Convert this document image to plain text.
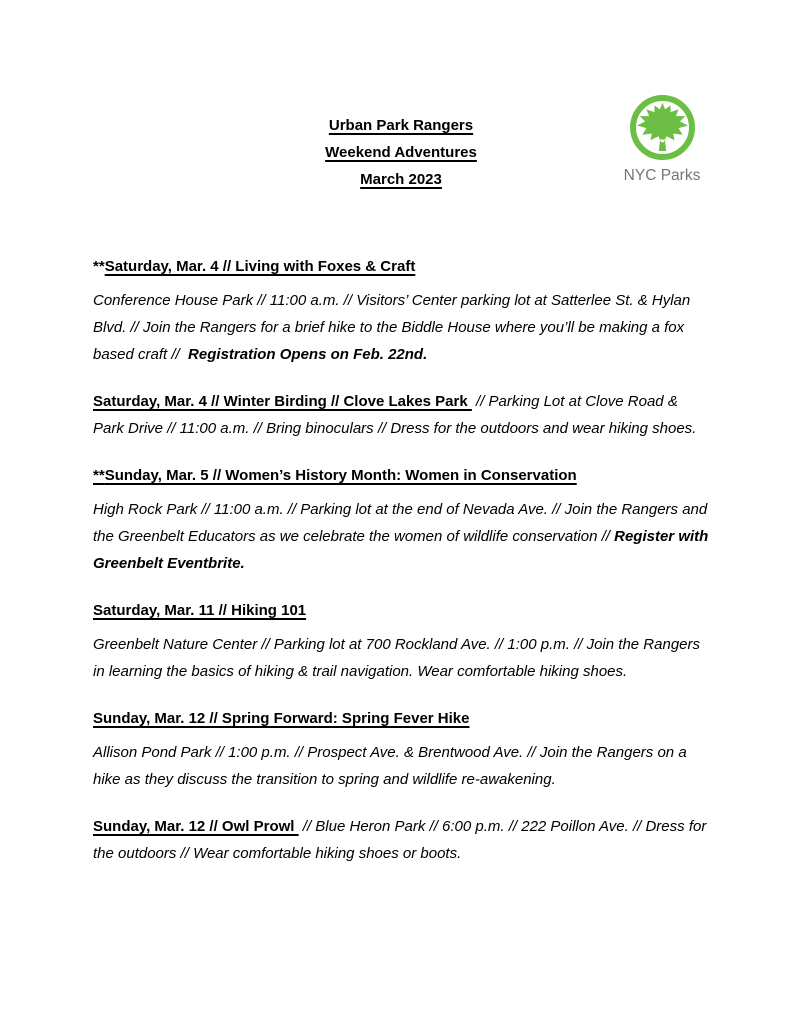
NYC Parks
Urban Park Rangers
Weekend Adventures
March 2023

**Saturday, Mar. 4 // Living with Foxes & Craft
Conference House Park // 11:00 a.m. // Visitors’ Center parking lot at Satterlee St. & Hylan Blvd. // Join the Rangers for a brief hike to the Biddle House where you’ll be making a fox based craft //  Registration Opens on Feb. 22nd.

Saturday, Mar. 4 // Winter Birding // Clove Lakes Park  // Parking Lot at Clove Road & Park Drive // 11:00 a.m. // Bring binoculars // Dress for the outdoors and wear hiking shoes.

**Sunday, Mar. 5 // Women’s History Month: Women in Conservation
High Rock Park // 11:00 a.m. // Parking lot at the end of Nevada Ave. // Join the Rangers and the Greenbelt Educators as we celebrate the women of wildlife conservation // Register with Greenbelt Eventbrite.

Saturday, Mar. 11 // Hiking 101
Greenbelt Nature Center // Parking lot at 700 Rockland Ave. // 1:00 p.m. // Join the Rangers in learning the basics of hiking & trail navigation. Wear comfortable hiking shoes.

Sunday, Mar. 12 // Spring Forward: Spring Fever Hike
Allison Pond Park // 1:00 p.m. // Prospect Ave. & Brentwood Ave. // Join the Rangers on a hike as they discuss the transition to spring and wildlife re-awakening.

Sunday, Mar. 12 // Owl Prowl  // Blue Heron Park // 6:00 p.m. // 222 Poillon Ave. // Dress for the outdoors // Wear comfortable hiking shoes or boots.
